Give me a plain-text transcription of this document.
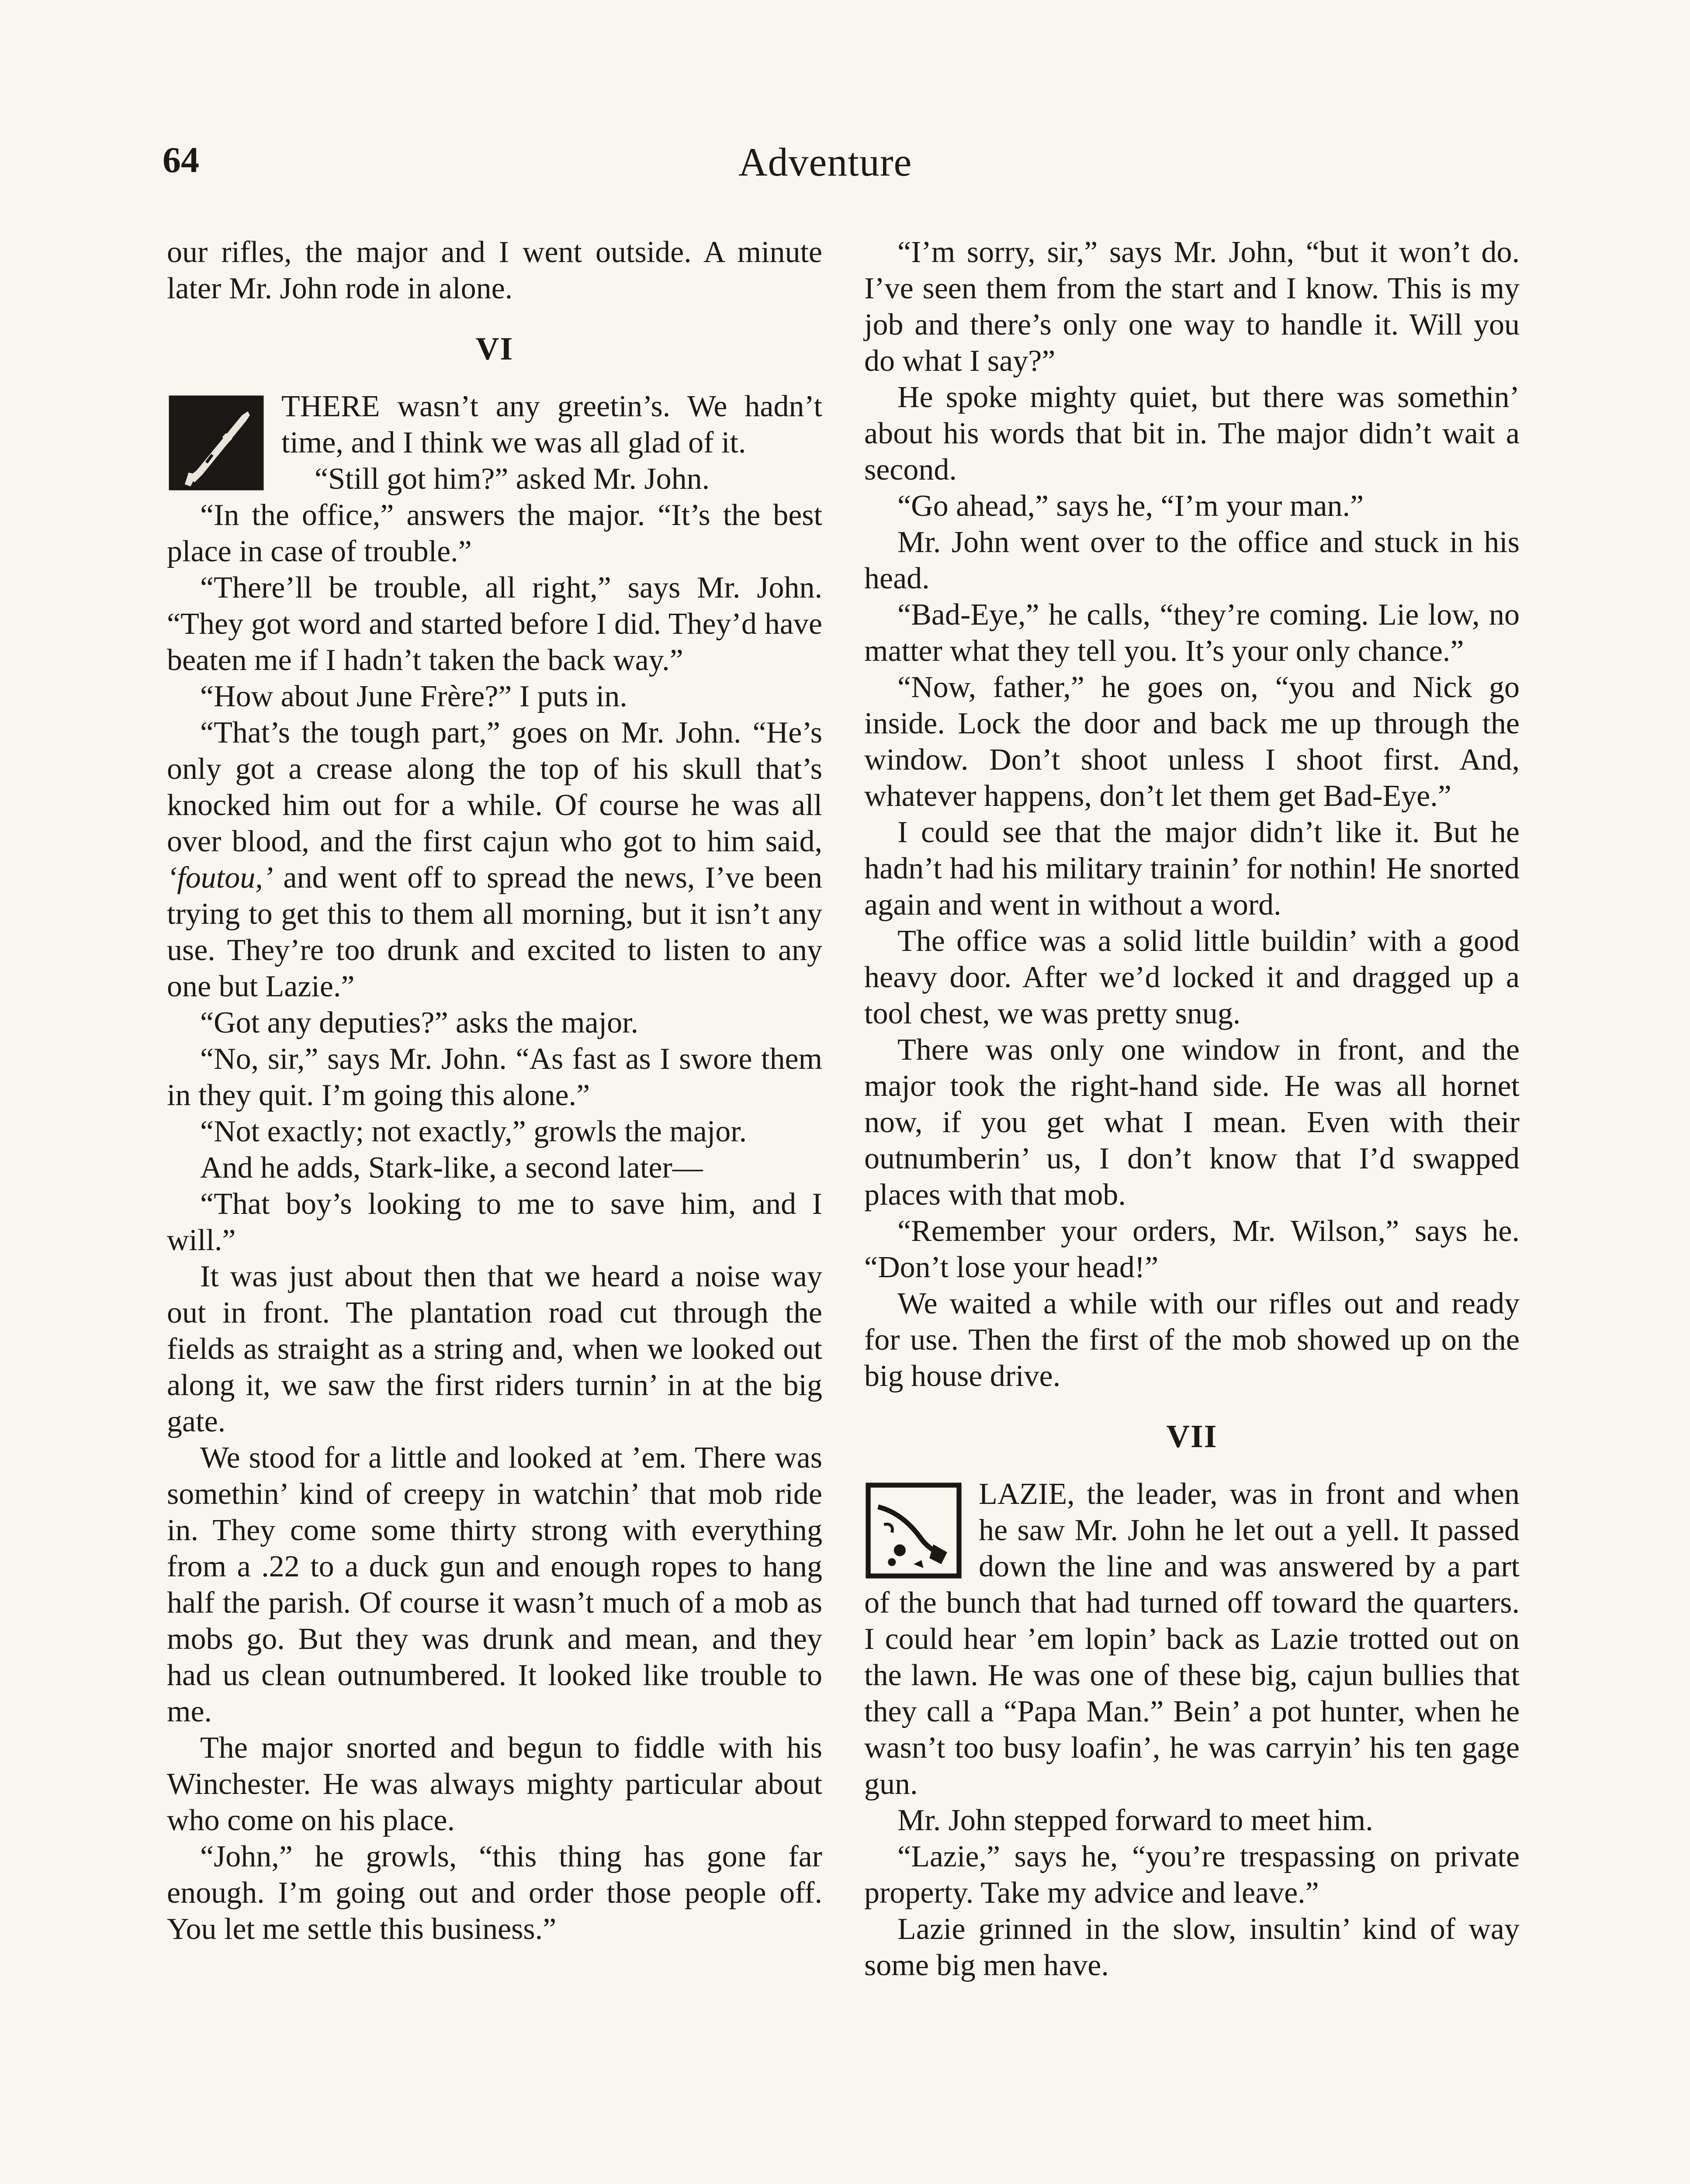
64	Adventure

our rifles, the major and I went outside. A minute later Mr. John rode in alone.

VI

THERE wasn’t any greetin’s. We hadn’t time, and I think we was all glad of it.

“Still got him?” asked Mr. John.

“In the office,” answers the major. “It’s the best place in case of trouble.”

“There’ll be trouble, all right,” says Mr. John. “They got word and started before I did. They’d have beaten me if I hadn’t taken the back way.”

“How about June Frère?” I puts in.

“That’s the tough part,” goes on Mr. John. “He’s only got a crease along the top of his skull that’s knocked him out for a while. Of course he was all over blood, and the first cajun who got to him said, ‘foutou,’ and went off to spread the news, I’ve been trying to get this to them all morning, but it isn’t any use. They’re too drunk and excited to listen to any one but Lazie.”

“Got any deputies?” asks the major.

“No, sir,” says Mr. John. “As fast as I swore them in they quit. I’m going this alone.”

“Not exactly; not exactly,” growls the major.

And he adds, Stark-like, a second later—

“That boy’s looking to me to save him, and I will.”

It was just about then that we heard a noise way out in front. The plantation road cut through the fields as straight as a string and, when we looked out along it, we saw the first riders turnin’ in at the big gate.

We stood for a little and looked at ’em. There was somethin’ kind of creepy in watchin’ that mob ride in. They come some thirty strong with everything from a .22 to a duck gun and enough ropes to hang half the parish. Of course it wasn’t much of a mob as mobs go. But they was drunk and mean, and they had us clean outnumbered. It looked like trouble to me.

The major snorted and begun to fiddle with his Winchester. He was always mighty particular about who come on his place.

“John,” he growls, “this thing has gone far enough. I’m going out and order those people off. You let me settle this business.”

“I’m sorry, sir,” says Mr. John, “but it won’t do. I’ve seen them from the start and I know. This is my job and there’s only one way to handle it. Will you do what I say?”

He spoke mighty quiet, but there was somethin’ about his words that bit in. The major didn’t wait a second.

“Go ahead,” says he, “I’m your man.”

Mr. John went over to the office and stuck in his head.

“Bad-Eye,” he calls, “they’re coming. Lie low, no matter what they tell you. It’s your only chance.”

“Now, father,” he goes on, “you and Nick go inside. Lock the door and back me up through the window. Don’t shoot unless I shoot first. And, whatever happens, don’t let them get Bad-Eye.”

I could see that the major didn’t like it. But he hadn’t had his military trainin’ for nothin! He snorted again and went in without a word.

The office was a solid little buildin’ with a good heavy door. After we’d locked it and dragged up a tool chest, we was pretty snug.

There was only one window in front, and the major took the right-hand side. He was all hornet now, if you get what I mean. Even with their outnumberin’ us, I don’t know that I’d swapped places with that mob.

“Remember your orders, Mr. Wilson,” says he. “Don’t lose your head!”

We waited a while with our rifles out and ready for use. Then the first of the mob showed up on the big house drive.

VII

LAZIE, the leader, was in front and when he saw Mr. John he let out a yell. It passed down the line and was answered by a part of the bunch that had turned off toward the quarters. I could hear ’em lopin’ back as Lazie trotted out on the lawn. He was one of these big, cajun bullies that they call a “Papa Man.” Bein’ a pot hunter, when he wasn’t too busy loafin’, he was carryin’ his ten gage gun.

Mr. John stepped forward to meet him.

“Lazie,” says he, “you’re trespassing on private property. Take my advice and leave.”

Lazie grinned in the slow, insultin’ kind of way some big men have.
